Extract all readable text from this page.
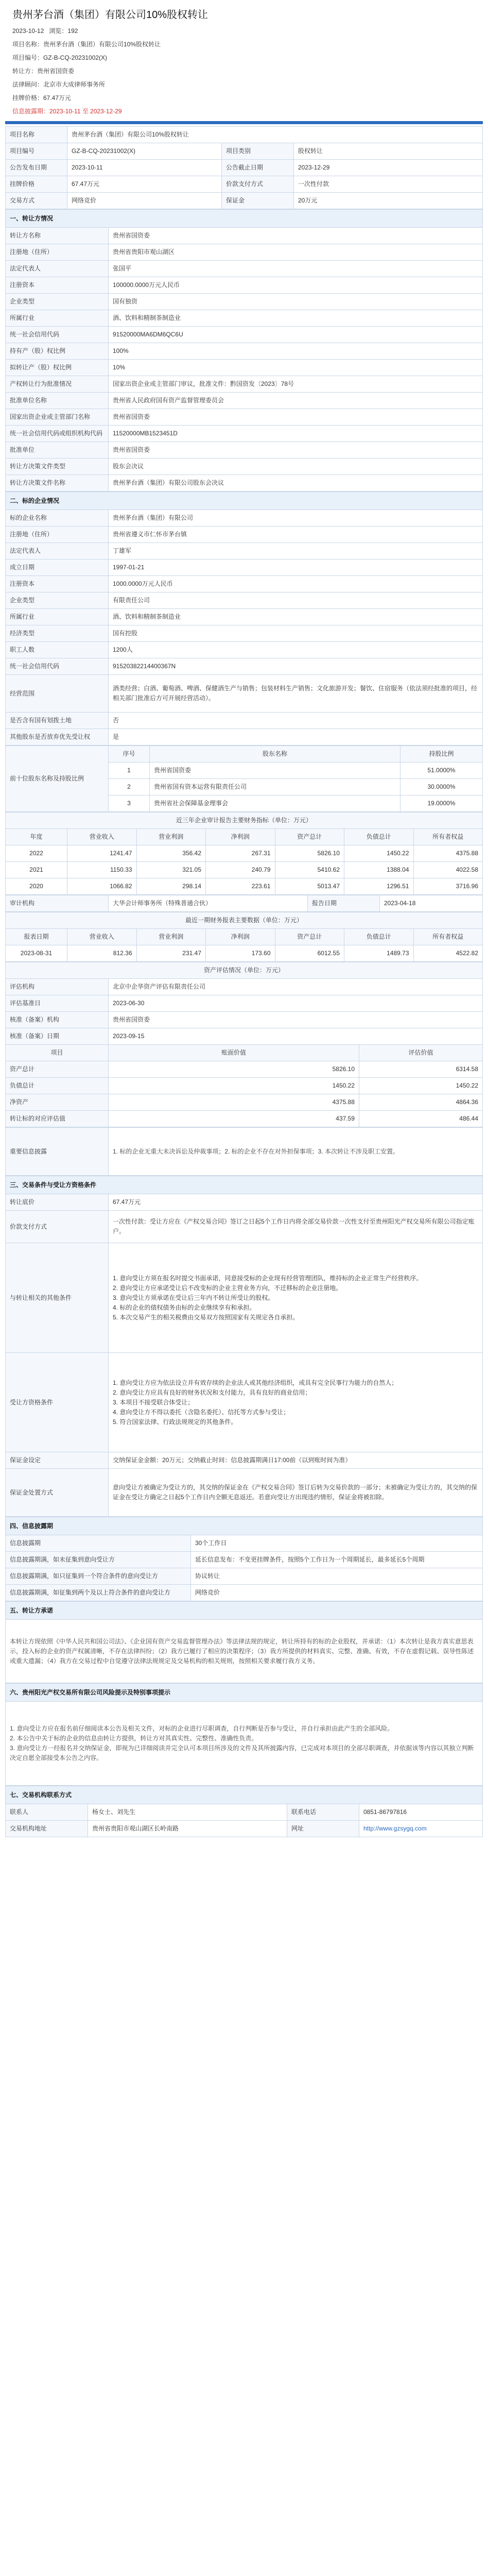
贵州茅台酒（集团）有限公司10%股权转让
2023-10-12 浏览：192
项目名称：贵州茅台酒（集团）有限公司10%股权转让
项目编号：GZ-B-CQ-20231002(X)
转让方：贵州省国资委
法律顾问：北京市大成律师事务所
挂牌价格：67.47万元
信息披露期：2023-10-11 至 2023-12-29
项目名称	贵州茅台酒（集团）有限公司10%股权转让		
项目编号	GZ-B-CQ-20231002(X)	项目类别	股权转让
公告发布日期	2023-10-11	公告截止日期	2023-12-29
挂牌价格	67.47万元	价款支付方式	一次性付款
交易方式	网络竞价	保证金	20万元
一、转让方情况	
转让方名称	贵州省国资委
注册地（住所）	贵州省贵阳市观山湖区
法定代表人	张国平
注册资本	100000.0000万元人民币
企业类型	国有独资
所属行业	酒、饮料和精制茶制造业
统一社会信用代码	91520000MA6DM6QC6U
持有产（股）权比例	100%
拟转让产（股）权比例	10%
产权转让行为批准情况	国家出资企业或主管部门审议，批准文件：黔国资发〔2023〕78号
批准单位名称	贵州省人民政府国有资产监督管理委员会
国家出资企业或主管部门名称	贵州省国资委
统一社会信用代码或组织机构代码	11520000MB1523451D
批准单位	贵州省国资委
转让方决策文件类型	股东会决议
转让方决策文件名称	贵州茅台酒（集团）有限公司股东会决议
二、标的企业情况	
标的企业名称	贵州茅台酒（集团）有限公司
注册地（住所）	贵州省遵义市仁怀市茅台镇
法定代表人	丁雄军
成立日期	1997-01-21
注册资本	1000.0000万元人民币
企业类型	有限责任公司
所属行业	酒、饮料和精制茶制造业
经济类型	国有控股
职工人数	1200人
统一社会信用代码	91520382214400367N
经营范围	酒类经营；白酒、葡萄酒、啤酒、保健酒生产与销售；包装材料生产销售；文化旅游开发；餐饮、住宿服务（依法须经批准的项目，经相关部门批准后方可开展经营活动）。
是否含有国有划拨土地	否
其他股东是否放弃优先受让权	是
前十位股东名称及持股比例	序号	股东名称	持股比例
	1	贵州省国资委	51.0000%
	2	贵州省国有资本运营有限责任公司	30.0000%
	3	贵州省社会保障基金理事会	19.0000%
近三年企业审计报告主要财务指标（单位：万元）						
年度	营业收入	营业利润	净利润	资产总计	负债总计	所有者权益
2022	1241.47	356.42	267.31	5826.10	1450.22	4375.88
2021	1150.33	321.05	240.79	5410.62	1388.04	4022.58
2020	1066.82	298.14	223.61	5013.47	1296.51	3716.96
审计机构	大华会计师事务所（特殊普通合伙）	报告日期	2023-04-18
最近一期财务报表主要数据（单位：万元）						
报表日期	营业收入	营业利润	净利润	资产总计	负债总计	所有者权益
2023-08-31	812.36	231.47	173.60	6012.55	1489.73	4522.82
资产评估情况（单位：万元）		
评估机构	北京中企华资产评估有限责任公司	
评估基准日	2023-06-30	
核准（备案）机构	贵州省国资委	
核准（备案）日期	2023-09-15	
项目	账面价值	评估价值
资产总计	5826.10	6314.58
负债总计	1450.22	1450.22
净资产	4375.88	4864.36
转让标的对应评估值	437.59	486.44
重要信息披露	1. 标的企业无重大未决诉讼及仲裁事项；2. 标的企业不存在对外担保事项；3. 本次转让不涉及职工安置。
三、交易条件与受让方资格条件	
转让底价	67.47万元
价款支付方式	一次性付款：受让方应在《产权交易合同》签订之日起5个工作日内将全部交易价款一次性支付至贵州阳光产权交易所有限公司指定账户。
与转让相关的其他条件	1. 意向受让方须在报名时提交书面承诺，同意接受标的企业现有经营管理团队，维持标的企业正常生产经营秩序。
2. 意向受让方应承诺受让后不改变标的企业主营业务方向，不迁移标的企业注册地。
3. 意向受让方须承诺在受让后三年内不转让所受让的股权。
4. 标的企业的债权债务由标的企业继续享有和承担。
5. 本次交易产生的相关税费由交易双方按照国家有关规定各自承担。
受让方资格条件	1. 意向受让方应为依法设立并有效存续的企业法人或其他经济组织，或具有完全民事行为能力的自然人；
2. 意向受让方应具有良好的财务状况和支付能力，具有良好的商业信用；
3. 本项目不接受联合体受让；
4. 意向受让方不得以委托（含隐名委托）、信托等方式参与受让；
5. 符合国家法律、行政法规规定的其他条件。
保证金设定	交纳保证金金额：20万元；交纳截止时间：信息披露期满日17:00前（以到账时间为准）
保证金处置方式	意向受让方被确定为受让方的，其交纳的保证金在《产权交易合同》签订后转为交易价款的一部分；未被确定为受让方的，其交纳的保证金在受让方确定之日起5个工作日内全额无息返还。若意向受让方出现违约情形，保证金将被扣除。
四、信息披露期	
信息披露期	30个工作日
信息披露期满，如未征集到意向受让方	延长信息发布：不变更挂牌条件，按照5个工作日为一个周期延长，最多延长5个周期
信息披露期满，如只征集到一个符合条件的意向受让方	协议转让
信息披露期满，如征集到两个及以上符合条件的意向受让方	网络竞价
五、转让方承诺
本转让方现依照《中华人民共和国公司法》、《企业国有资产交易监督管理办法》等法律法规的规定，转让所持有的标的企业股权，并承诺：（1）本次转让是我方真实意思表示，投入标的企业的资产权属清晰，不存在法律纠纷；（2）我方已履行了相应的决策程序；（3）我方所提供的材料真实、完整、准确、有效，不存在虚假记载、误导性陈述或重大遗漏；（4）我方在交易过程中自觉遵守法律法规规定及交易机构的相关规则，按照相关要求履行我方义务。
六、贵州阳光产权交易所有限公司风险提示及特别事项提示
1. 意向受让方应在报名前仔细阅读本公告及相关文件，对标的企业进行尽职调查，自行判断是否参与受让，并自行承担由此产生的全部风险。
2. 本公告中关于标的企业的信息由转让方提供，转让方对其真实性、完整性、准确性负责。
3. 意向受让方一经报名并交纳保证金，即视为已详细阅读并完全认可本项目所涉及的文件及其所披露内容，已完成对本项目的全部尽职调查，并依据该等内容以其独立判断决定自愿全部接受本公告之内容。
七、交易机构联系方式			
联系人	杨女士、刘先生	联系电话	0851-86797816
交易机构地址	贵州省贵阳市观山湖区长岭南路	网址	http://www.gzsygq.com
